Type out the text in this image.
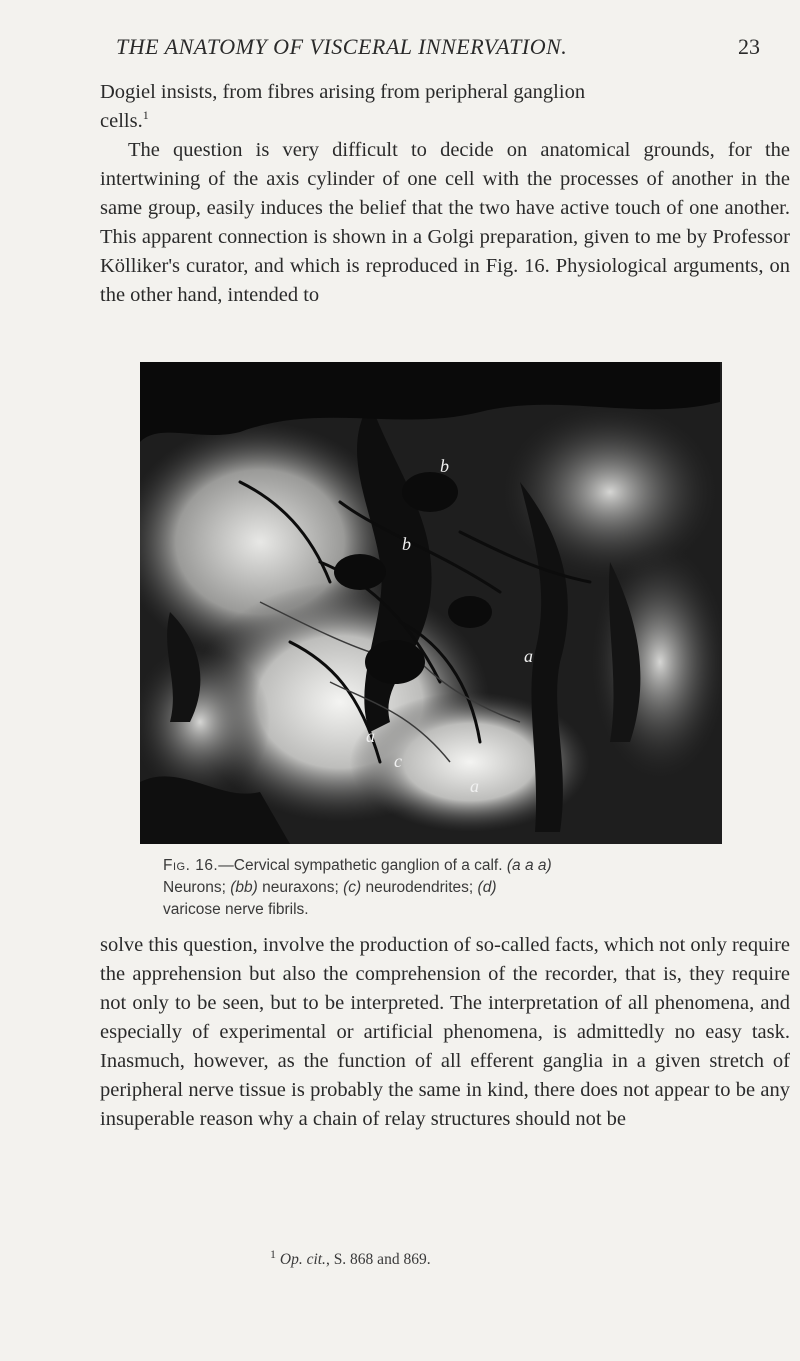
THE ANATOMY OF VISCERAL INNERVATION.	23

Dogiel insists, from fibres arising from peripheral ganglion
cells.$^1$

The question is very difficult to decide on anatomical grounds, for the intertwining of the axis cylinder of one cell with the processes of another in the same group, easily induces the belief that the two have active touch of one another. This apparent connection is shown in a Golgi preparation, given to me by Professor Kölliker's curator, and which is reproduced in Fig. 16. Physiological arguments, on the other hand, intended to

b
b
a
a
a
c
Fig. 16.—Cervical sympathetic ganglion of a calf. (a a a)
Neurons; (bb) neuraxons; (c) neurodendrites; (d)
varicose nerve fibrils.

solve this question, involve the production of so-called facts, which not only require the apprehension but also the comprehension of the recorder, that is, they require not only to be seen, but to be interpreted. The interpretation of all phenomena, and especially of experimental or artificial phenomena, is admittedly no easy task. Inasmuch, however, as the function of all efferent ganglia in a given stretch of peripheral nerve tissue is probably the same in kind, there does not appear to be any insuperable reason why a chain of relay structures should not be

$^1$ Op. cit., S. 868 and 869.
